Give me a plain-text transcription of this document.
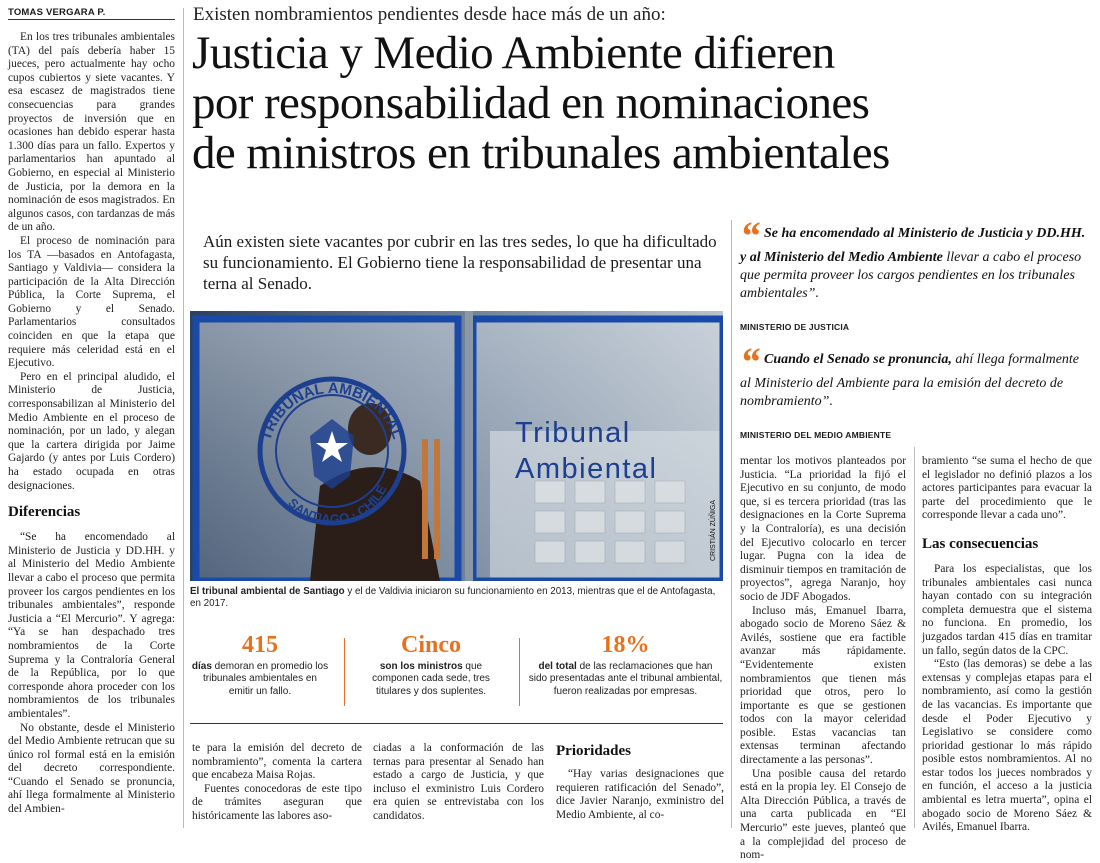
TOMAS VERGARA P.

En los tres tribunales ambientales (TA) del país debería haber 15 jueces, pero actualmente hay ocho cupos cubiertos y siete vacantes. Y esa escasez de magistrados tiene consecuencias para grandes proyectos de inversión que en ocasiones han debido esperar hasta 1.300 días para un fallo. Expertos y parlamentarios han apuntado al Gobierno, en especial al Ministerio de Justicia, por la demora en la nominación de esos magistrados. En algunos casos, con tardanzas de más de un año.

El proceso de nominación para los TA —basados en Antofagasta, Santiago y Valdivia— considera la participación de la Alta Dirección Pública, la Corte Suprema, el Gobierno y el Senado. Parlamentarios consultados coinciden en que la etapa que requiere más celeridad está en el Ejecutivo.

Pero en el principal aludido, el Ministerio de Justicia, corresponsabilizan al Ministerio del Medio Ambiente en el proceso de nominación, por un lado, y alegan que la cartera dirigida por Jaime Gajardo (y antes por Luis Cordero) ha estado ocupada en otras designaciones.

Diferencias

“Se ha encomendado al Ministerio de Justicia y DD.HH. y al Ministerio del Medio Ambiente llevar a cabo el proceso que permita proveer los cargos pendientes en los tribunales ambientales”, responde Justicia a “El Mercurio”. Y agrega: “Ya se han despachado tres nombramientos de la Corte Suprema y la Contraloría General de la República, por lo que corresponde ahora proceder con los nombramientos de los tribunales ambientales”.

No obstante, desde el Ministerio del Medio Ambiente retrucan que su único rol formal está en la emisión del decreto correspondiente. “Cuando el Senado se pronuncia, ahí llega formalmente al Ministerio del Ambien-

Existen nombramientos pendientes desde hace más de un año:
Justicia y Medio Ambiente difieren
por responsabilidad en nominaciones
de ministros en tribunales ambientales
Aún existen siete vacantes por cubrir en las tres sedes, lo que ha dificultado su funcionamiento. El Gobierno tiene la responsabilidad de presentar una terna al Senado.
TRIBUNAL AMBIENTAL
SANTIAGO · CHILE
Tribunal
Ambiental
CRISTIÁN ZÚÑIGA
El tribunal ambiental de Santiago y el de Valdivia iniciaron su funcionamiento en 2013, mientras que el de Antofagasta, en 2017.
415
días demoran en promedio los tribunales ambientales en emitir un fallo.
Cinco
son los ministros que componen cada sede, tres titulares y dos suplentes.
18%
del total de las reclamaciones que han sido presentadas ante el tribunal ambiental, fueron realizadas por empresas.

te para la emisión del decreto de nombramiento”, comenta la cartera que encabeza Maisa Rojas.

Fuentes conocedoras de este tipo de trámites aseguran que históricamente las labores aso-

ciadas a la conformación de las ternas para presentar al Senado han estado a cargo de Justicia, y que incluso el exministro Luis Cordero era quien se entrevistaba con los candidatos.

Prioridades

“Hay varias designaciones que requieren ratificación del Senado”, dice Javier Naranjo, exministro del Medio Ambiente, al co-

“ Se ha encomendado al Ministerio de Justicia y DD.HH. y al Ministerio del Medio Ambiente llevar a cabo el proceso que permita proveer los cargos pendientes en los tribunales ambientales”.
MINISTERIO DE JUSTICIA
“ Cuando el Senado se pronuncia, ahí llega formalmente al Ministerio del Ambiente para la emisión del decreto de nombramiento”.
MINISTERIO DEL MEDIO AMBIENTE

mentar los motivos planteados por Justicia. “La prioridad la fijó el Ejecutivo en su conjunto, de modo que, si es tercera prioridad (tras las designaciones en la Corte Suprema y la Contraloría), es una decisión del Ejecutivo colocarlo en tercer lugar. Pugna con la idea de disminuir tiempos en tramitación de proyectos”, agrega Naranjo, hoy socio de JDF Abogados.

Incluso más, Emanuel Ibarra, abogado socio de Moreno Sáez & Avilés, sostiene que era factible avanzar más rápidamente. “Evidentemente existen nombramientos que tienen más prioridad que otros, pero lo importante es que se gestionen todos con la mayor celeridad posible. Estas vacancias tan extensas terminan afectando directamente a las personas”.

Una posible causa del retardo está en la propia ley. El Consejo de Alta Dirección Pública, a través de una carta publicada en “El Mercurio” este jueves, planteó que a la complejidad del proceso de nom-

bramiento “se suma el hecho de que el legislador no definió plazos a los actores participantes para evacuar la parte del procedimiento que le corresponde llevar a cada uno”.

Las consecuencias

Para los especialistas, que los tribunales ambientales casi nunca hayan contado con su integración completa demuestra que el sistema no funciona. En promedio, los juzgados tardan 415 días en tramitar un fallo, según datos de la CPC.

“Esto (las demoras) se debe a las extensas y complejas etapas para el nombramiento, así como la gestión de las vacancias. Es importante que desde el Poder Ejecutivo y Legislativo se considere como prioridad gestionar lo más rápido posible estos nombramientos. Al no estar todos los jueces nombrados y en función, el acceso a la justicia ambiental es letra muerta”, opina el abogado socio de Moreno Sáez & Avilés, Emanuel Ibarra.
